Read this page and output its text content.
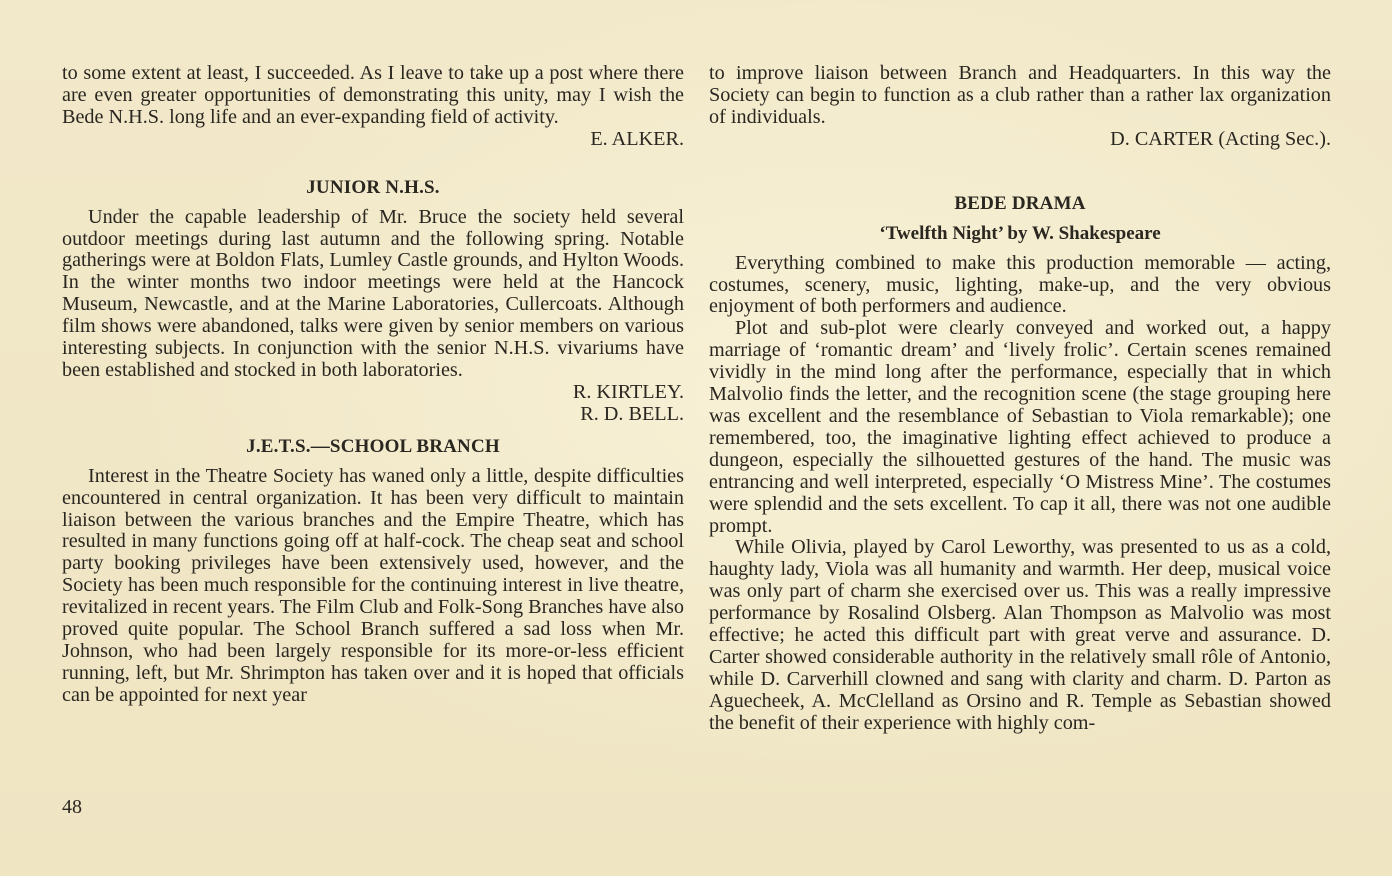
to some extent at least, I succeeded. As I leave to take up a post where there are even greater opportunities of demonstrating this unity, may I wish the Bede N.H.S. long life and an ever-expanding field of activity.

E. ALKER.

JUNIOR N.H.S.

Under the capable leadership of Mr. Bruce the society held several outdoor meetings during last autumn and the following spring. Notable gatherings were at Boldon Flats, Lumley Castle grounds, and Hylton Woods. In the winter months two indoor meetings were held at the Hancock Museum, Newcastle, and at the Marine Laboratories, Cullercoats. Although film shows were abandoned, talks were given by senior members on various interesting subjects. In conjunction with the senior N.H.S. vivariums have been established and stocked in both laboratories.

R. KIRTLEY.

R. D. BELL.

J.E.T.S.—SCHOOL BRANCH

Interest in the Theatre Society has waned only a little, despite difficulties encountered in central organization. It has been very difficult to maintain liaison between the various branches and the Empire Theatre, which has resulted in many functions going off at half-cock. The cheap seat and school party booking privileges have been extensively used, however, and the Society has been much responsible for the continuing interest in live theatre, revitalized in recent years. The Film Club and Folk-Song Branches have also proved quite popular. The School Branch suffered a sad loss when Mr. Johnson, who had been largely responsible for its more-or-less efficient running, left, but Mr. Shrimpton has taken over and it is hoped that officials can be appointed for next year

to improve liaison between Branch and Headquarters. In this way the Society can begin to function as a club rather than a rather lax organization of individuals.

D. CARTER (Acting Sec.).

BEDE DRAMA
‘Twelfth Night’ by W. Shakespeare

Everything combined to make this production memorable — acting, costumes, scenery, music, lighting, make-up, and the very obvious enjoyment of both performers and audience.

Plot and sub-plot were clearly conveyed and worked out, a happy marriage of ‘romantic dream’ and ‘lively frolic’. Certain scenes remained vividly in the mind long after the performance, especially that in which Malvolio finds the letter, and the recognition scene (the stage grouping here was excellent and the resemblance of Sebastian to Viola remarkable); one remembered, too, the imaginative lighting effect achieved to produce a dungeon, especially the silhouetted gestures of the hand. The music was entrancing and well interpreted, especially ‘O Mistress Mine’. The costumes were splendid and the sets excellent. To cap it all, there was not one audible prompt.

While Olivia, played by Carol Leworthy, was presented to us as a cold, haughty lady, Viola was all humanity and warmth. Her deep, musical voice was only part of charm she exercised over us. This was a really impressive performance by Rosalind Olsberg. Alan Thompson as Malvolio was most effective; he acted this difficult part with great verve and assurance. D. Carter showed considerable authority in the relatively small rôle of Antonio, while D. Carverhill clowned and sang with clarity and charm. D. Parton as Aguecheek, A. McClelland as Orsino and R. Temple as Sebastian showed the benefit of their experience with highly com-

48
